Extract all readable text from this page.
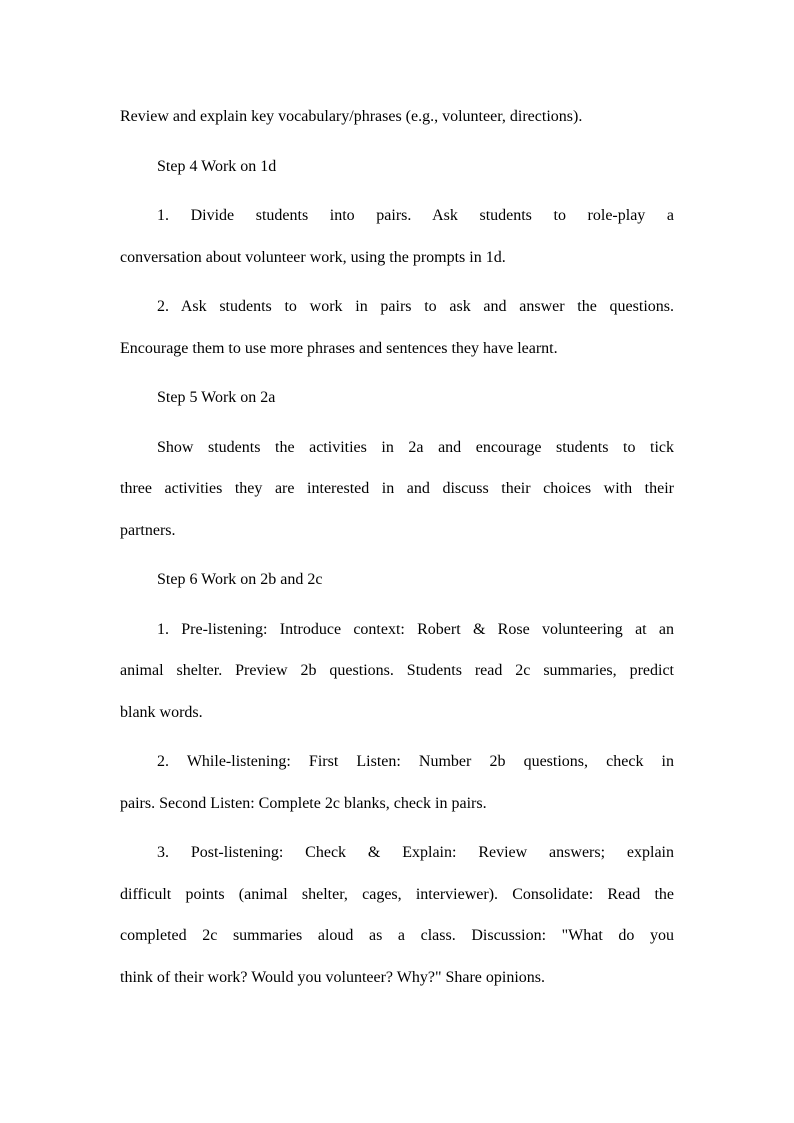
Review and explain key vocabulary/phrases (e.g., volunteer, directions).
Step 4 Work on 1d
1. Divide students into pairs. Ask students to role-play a
conversation about volunteer work, using the prompts in 1d.
2. Ask students to work in pairs to ask and answer the questions.
Encourage them to use more phrases and sentences they have learnt.
Step 5 Work on 2a
Show students the activities in 2a and encourage students to tick
three activities they are interested in and discuss their choices with their
partners.
Step 6 Work on 2b and 2c
1. Pre-listening: Introduce context: Robert & Rose volunteering at an
animal shelter. Preview 2b questions. Students read 2c summaries, predict
blank words.
2. While-listening: First Listen: Number 2b questions, check in
pairs. Second Listen: Complete 2c blanks, check in pairs.
3. Post-listening: Check & Explain: Review answers; explain
difficult points (animal shelter, cages, interviewer). Consolidate: Read the
completed 2c summaries aloud as a class. Discussion: "What do you
think of their work? Would you volunteer? Why?" Share opinions.
